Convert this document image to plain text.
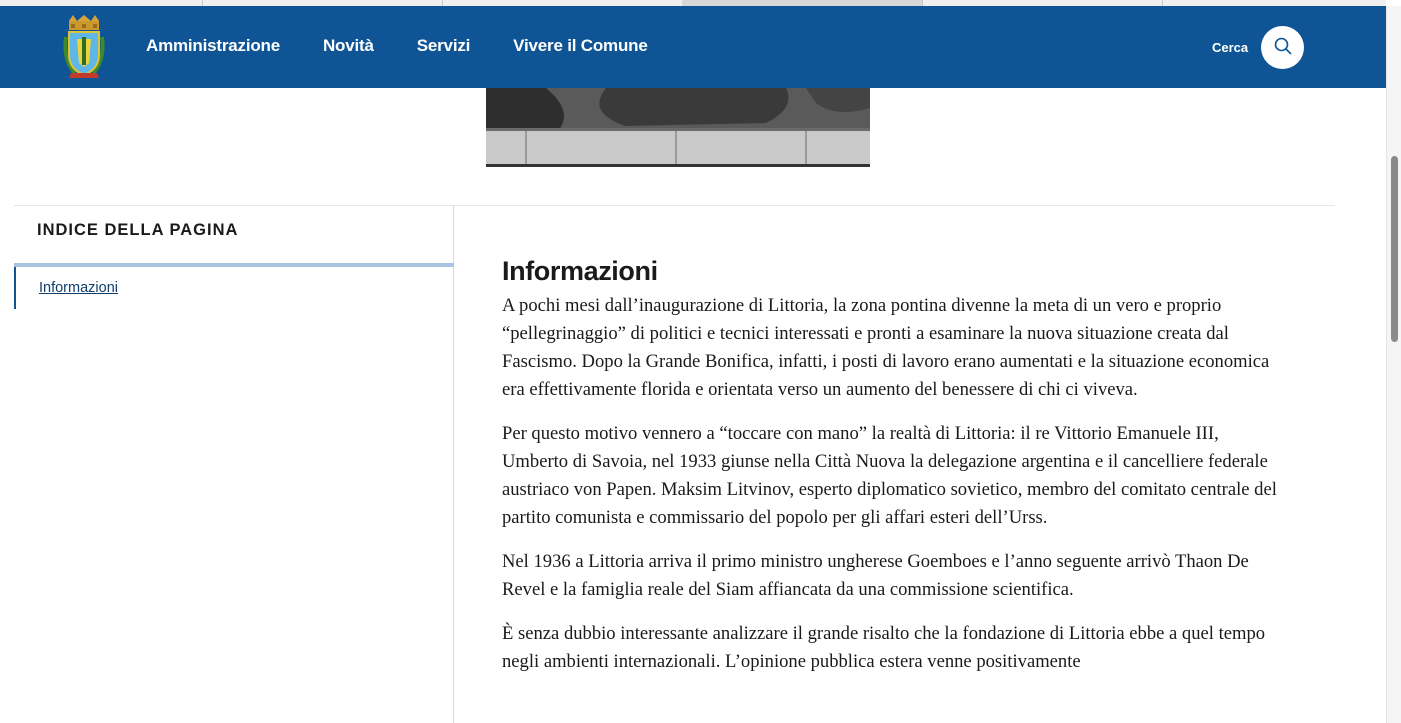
Amministrazione	Novità	Servizi	Vivere il Comune	Cerca
INDICE DELLA PAGINA
Informazioni
Informazioni

A pochi mesi dall’inaugurazione di Littoria, la zona pontina divenne la meta di un vero e proprio “pellegrinaggio” di politici e tecnici interessati e pronti a esaminare la nuova situazione creata dal Fascismo. Dopo la Grande Bonifica, infatti, i posti di lavoro erano aumentati e la situazione economica era effettivamente florida e orientata verso un aumento del benessere di chi ci viveva.

Per questo motivo vennero a “toccare con mano” la realtà di Littoria: il re Vittorio Emanuele III, Umberto di Savoia, nel 1933 giunse nella Città Nuova la delegazione argentina e il cancelliere federale austriaco von Papen. Maksim Litvinov, esperto diplomatico sovietico, membro del comitato centrale del partito comunista e commissario del popolo per gli affari esteri dell’Urss.

Nel 1936 a Littoria arriva il primo ministro ungherese Goemboes e l’anno seguente arrivò Thaon De Revel e la famiglia reale del Siam affiancata da una commissione scientifica.

È senza dubbio interessante analizzare il grande risalto che la fondazione di Littoria ebbe a quel tempo negli ambienti internazionali. L’opinione pubblica estera venne positivamente
